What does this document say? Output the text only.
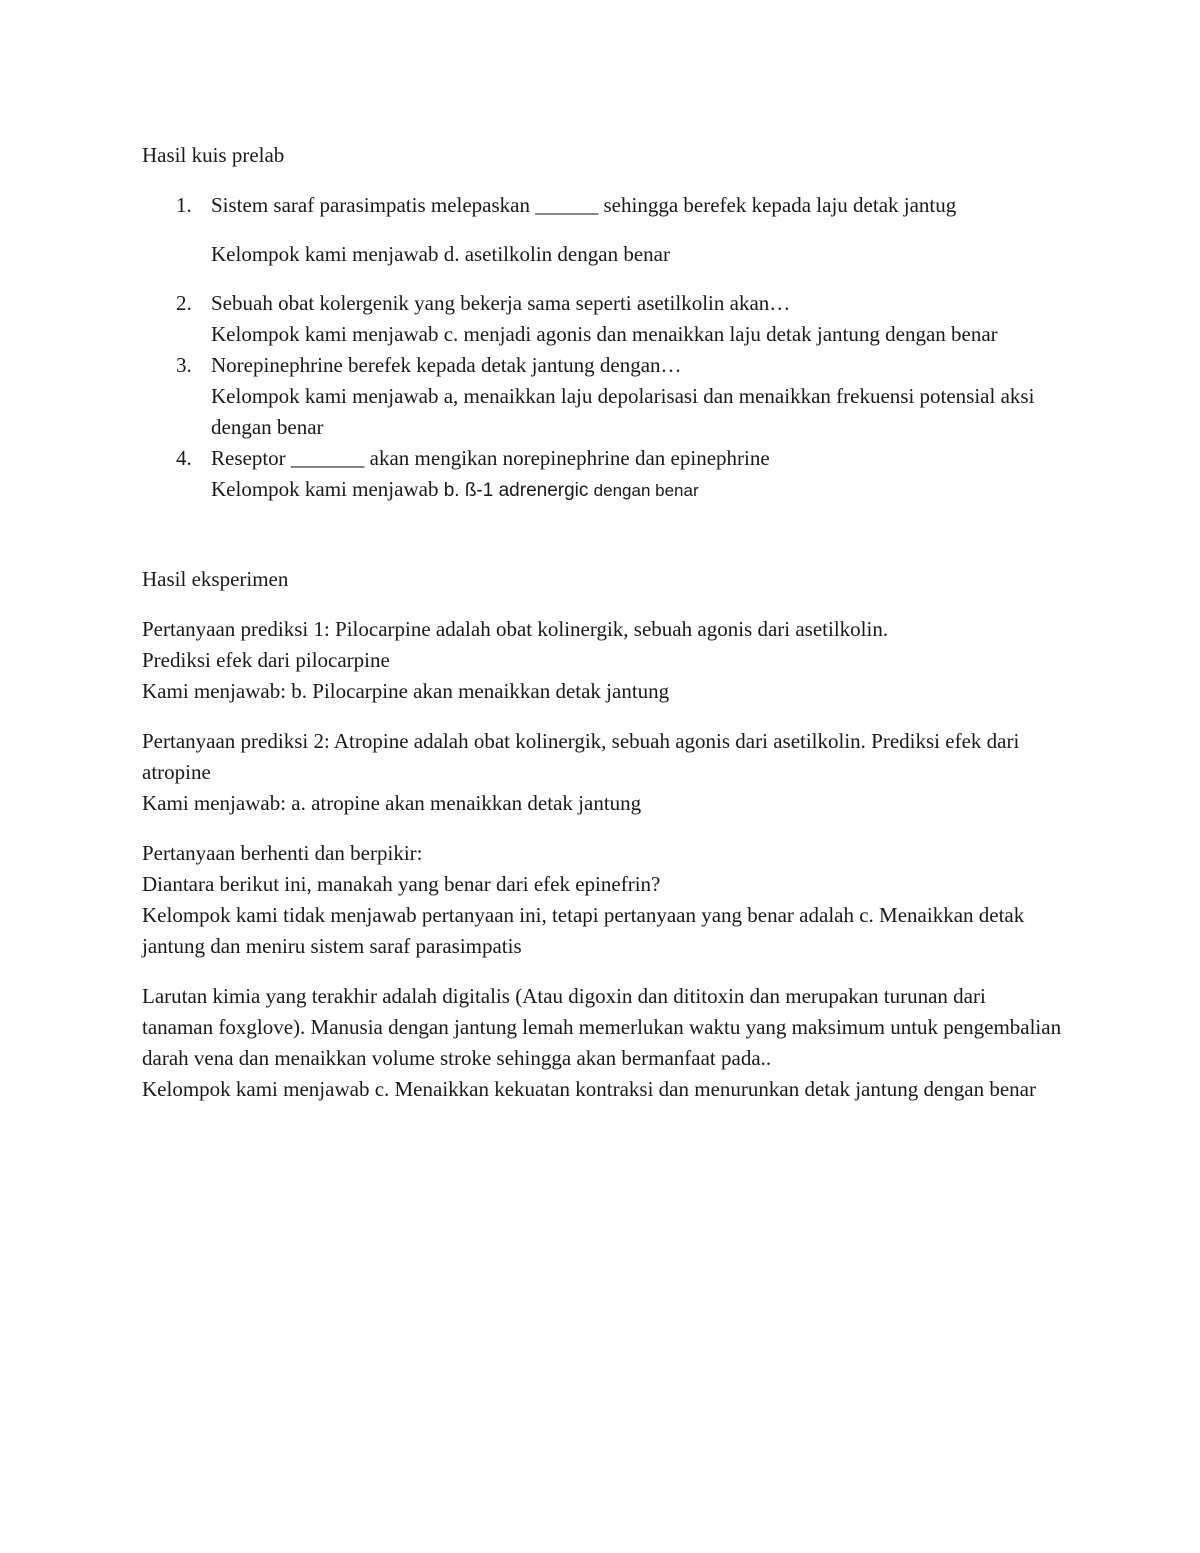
Hasil kuis prelab

1. Sistem saraf parasimpatis melepaskan ______ sehingga berefek kepada laju detak jantug
Kelompok kami menjawab d. asetilkolin dengan benar
2. Sebuah obat kolergenik yang bekerja sama seperti asetilkolin akan…
Kelompok kami menjawab c. menjadi agonis dan menaikkan laju detak jantung dengan benar
3. Norepinephrine berefek kepada detak jantung dengan…
Kelompok kami menjawab a, menaikkan laju depolarisasi dan menaikkan frekuensi potensial aksi dengan benar
4. Reseptor _______ akan mengikan norepinephrine dan epinephrine
Kelompok kami menjawab b. ß-1 adrenergic dengan benar

Hasil eksperimen

Pertanyaan prediksi 1: Pilocarpine adalah obat kolinergik, sebuah agonis dari asetilkolin.
Prediksi efek dari pilocarpine
Kami menjawab: b. Pilocarpine akan menaikkan detak jantung

Pertanyaan prediksi 2: Atropine adalah obat kolinergik, sebuah agonis dari asetilkolin. Prediksi efek dari atropine
Kami menjawab: a. atropine akan menaikkan detak jantung

Pertanyaan berhenti dan berpikir:
Diantara berikut ini, manakah yang benar dari efek epinefrin?
Kelompok kami tidak menjawab pertanyaan ini, tetapi pertanyaan yang benar adalah c. Menaikkan detak jantung dan meniru sistem saraf parasimpatis

Larutan kimia yang terakhir adalah digitalis (Atau digoxin dan dititoxin dan merupakan turunan dari tanaman foxglove). Manusia dengan jantung lemah memerlukan waktu yang maksimum untuk pengembalian darah vena dan menaikkan volume stroke sehingga akan bermanfaat pada..
Kelompok kami menjawab c. Menaikkan kekuatan kontraksi dan menurunkan detak jantung dengan benar
